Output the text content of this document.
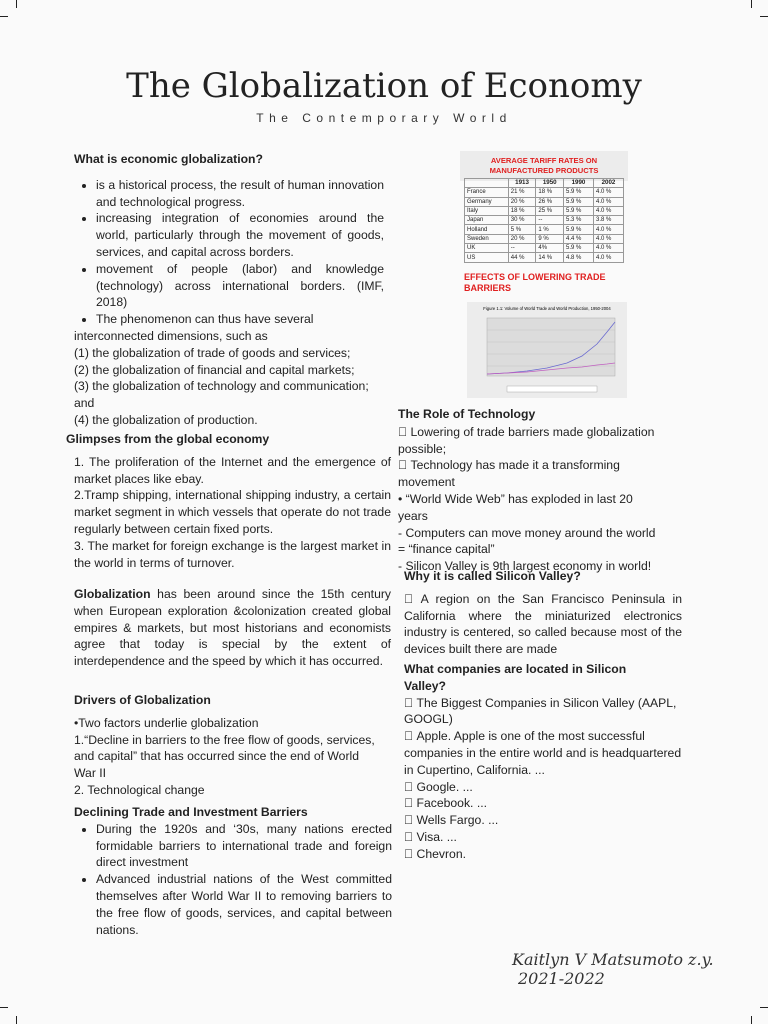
The Globalization of Economy
The Contemporary World
What is economic globalization?
• is a historical process, the result of human innovation and technological progress.
• increasing integration of economies around the world, particularly through the movement of goods, services, and capital across borders.
• movement of people (labor) and knowledge (technology) across international borders. (IMF, 2018)
• The phenomenon can thus have several

interconnected dimensions, such as

(1) the globalization of trade of goods and services;

(2) the globalization of financial and capital markets;

(3) the globalization of technology and communication;

and

(4) the globalization of production.

Glimpses from the global economy

1. The proliferation of the Internet and the emergence of market places like ebay.

2.Tramp shipping, international shipping industry, a certain market segment in which vessels that operate do not trade regularly between certain fixed ports.

3. The market for foreign exchange is the largest market in the world in terms of turnover.

Globalization has been around since the 15th century when European exploration &colonization created global empires & markets, but most historians and economists agree that today is special by the extent of interdependence and the speed by which it has occurred.
Drivers of Globalization

•Two factors underlie globalization

1.“Decline in barriers to the free flow of goods, services, and capital” that has occurred since the end of World War II

2. Technological change

Declining Trade and Investment Barriers
• During the 1920s and ‘30s, many nations erected formidable barriers to international trade and foreign direct investment
• Advanced industrial nations of the West committed themselves after World War II to removing barriers to the free flow of goods, services, and capital between nations.
AVERAGE TARIFF RATES ON MANUFACTURED PRODUCTS
	1913	1950	1990	2002
France	21 %	18 %	5.9 %	4.0 %
Germany	20 %	26 %	5.9 %	4.0 %
Italy	18 %	25 %	5.9 %	4.0 %
Japan	30 %	--	5.3 %	3.8 %
Holland	5 %	1 %	5.9 %	4.0 %
Sweden	20 %	9 %	4.4 %	4.0 %
UK	--	4%	5.9 %	4.0 %
US	44 %	14 %	4.8 %	4.0 %
EFFECTS OF LOWERING TRADE BARRIERS
Figure 1.1: Volume of World Trade and World Production, 1950-2004
The Role of Technology

Lowering of trade barriers made globalization possible;

Technology has made it a transforming movement

• “World Wide Web” has exploded in last 20 years

- Computers can move money around the world = “finance capital”

- Silicon Valley is 9th largest economy in world!

Why it is called Silicon Valley?

A region on the San Francisco Peninsula in California where the miniaturized electronics industry is centered, so called because most of the devices built there are made

What companies are located in Silicon Valley?

The Biggest Companies in Silicon Valley (AAPL, GOOGL)

Apple. Apple is one of the most successful companies in the entire world and is headquartered in Cupertino, California. ...

Google. ...

Facebook. ...

Wells Fargo. ...

Visa. ...

Chevron.

Kaitlyn V Matsumoto z.y. 2021-2022
